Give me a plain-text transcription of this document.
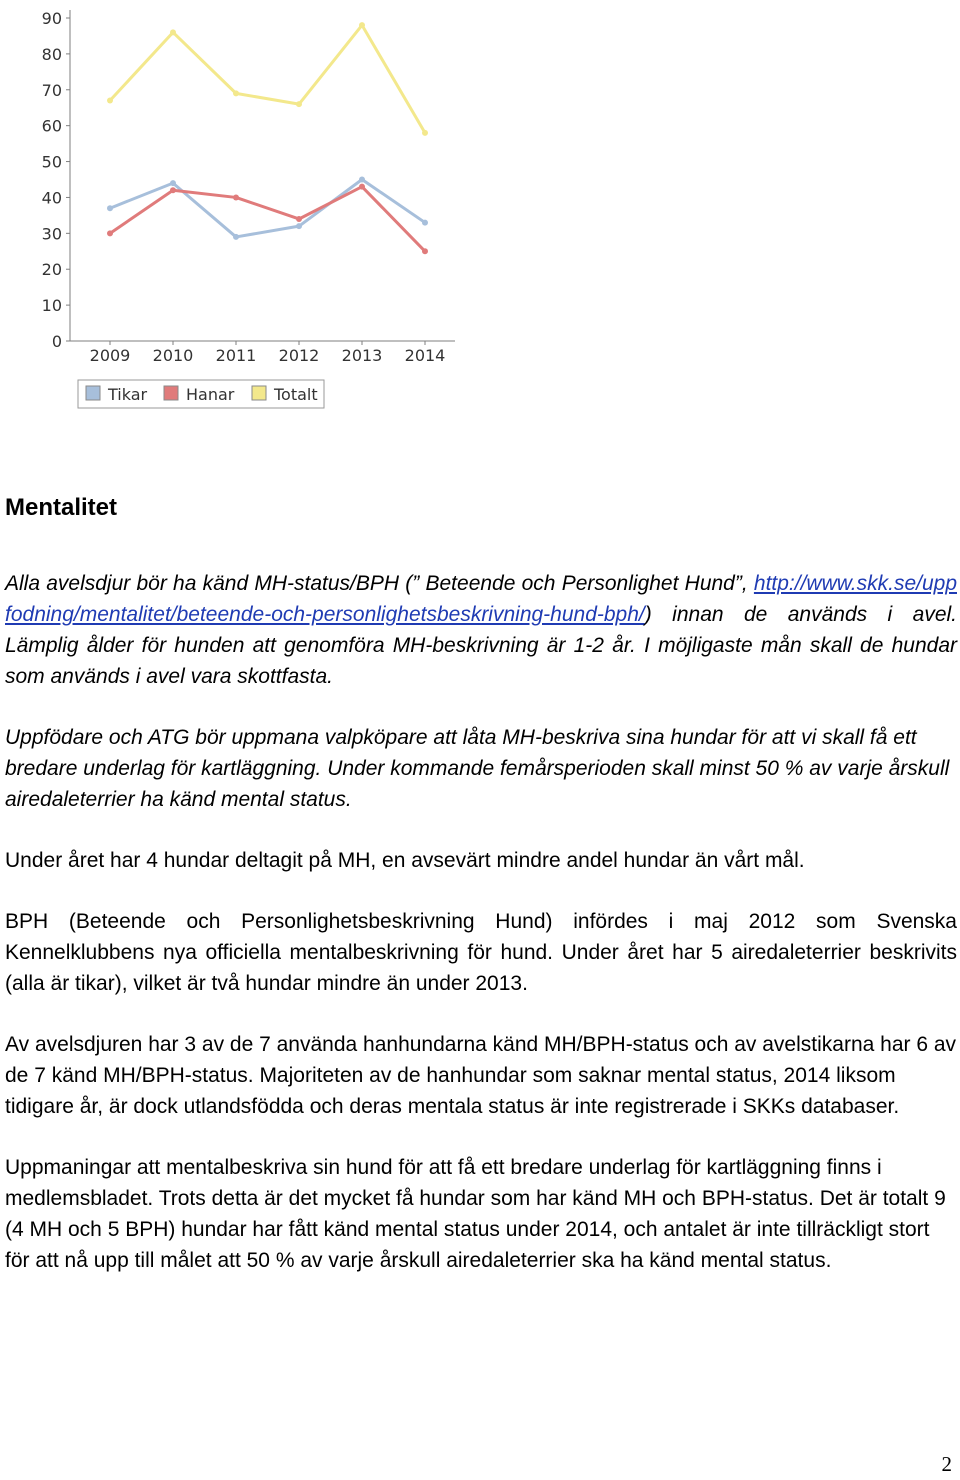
0
10
20
30
40
50
60
70
80
90
2009 2010 2011 2012 2013 2014
Tikar Hanar Totalt
Mentalitet
Alla avelsdjur bör ha känd MH-status/BPH (” Beteende och Personlighet Hund”, http://www.skk.se/uppfodning/mentalitet/beteende-och-personlighetsbeskrivning-hund-bph/) innan de används i avel. Lämplig ålder för hunden att genomföra MH-beskrivning är 1-2 år. I möjligaste mån skall de hundar som används i avel vara skottfasta.
Uppfödare och ATG bör uppmana valpköpare att låta MH-beskriva sina hundar för att vi skall få ett bredare underlag för kartläggning. Under kommande femårsperioden skall minst 50 % av varje årskull airedaleterrier ha känd mental status.
Under året har 4 hundar deltagit på MH, en avsevärt mindre andel hundar än vårt mål.
BPH (Beteende och Personlighetsbeskrivning Hund) infördes i maj 2012 som Svenska Kennelklubbens nya officiella mentalbeskrivning för hund. Under året har 5 airedaleterrier beskrivits (alla är tikar), vilket är två hundar mindre än under 2013.
Av avelsdjuren har 3 av de 7 använda hanhundarna känd MH/BPH-status och av avelstikarna har 6 av de 7 känd MH/BPH-status. Majoriteten av de hanhundar som saknar mental status, 2014 liksom tidigare år, är dock utlandsfödda och deras mentala status är inte registrerade i SKKs databaser.
Uppmaningar att mentalbeskriva sin hund för att få ett bredare underlag för kartläggning finns i medlemsbladet. Trots detta är det mycket få hundar som har känd MH och BPH-status. Det är totalt 9 (4 MH och 5 BPH) hundar har fått känd mental status under 2014, och antalet är inte tillräckligt stort för att nå upp till målet att 50 % av varje årskull airedaleterrier ska ha känd mental status.
2
